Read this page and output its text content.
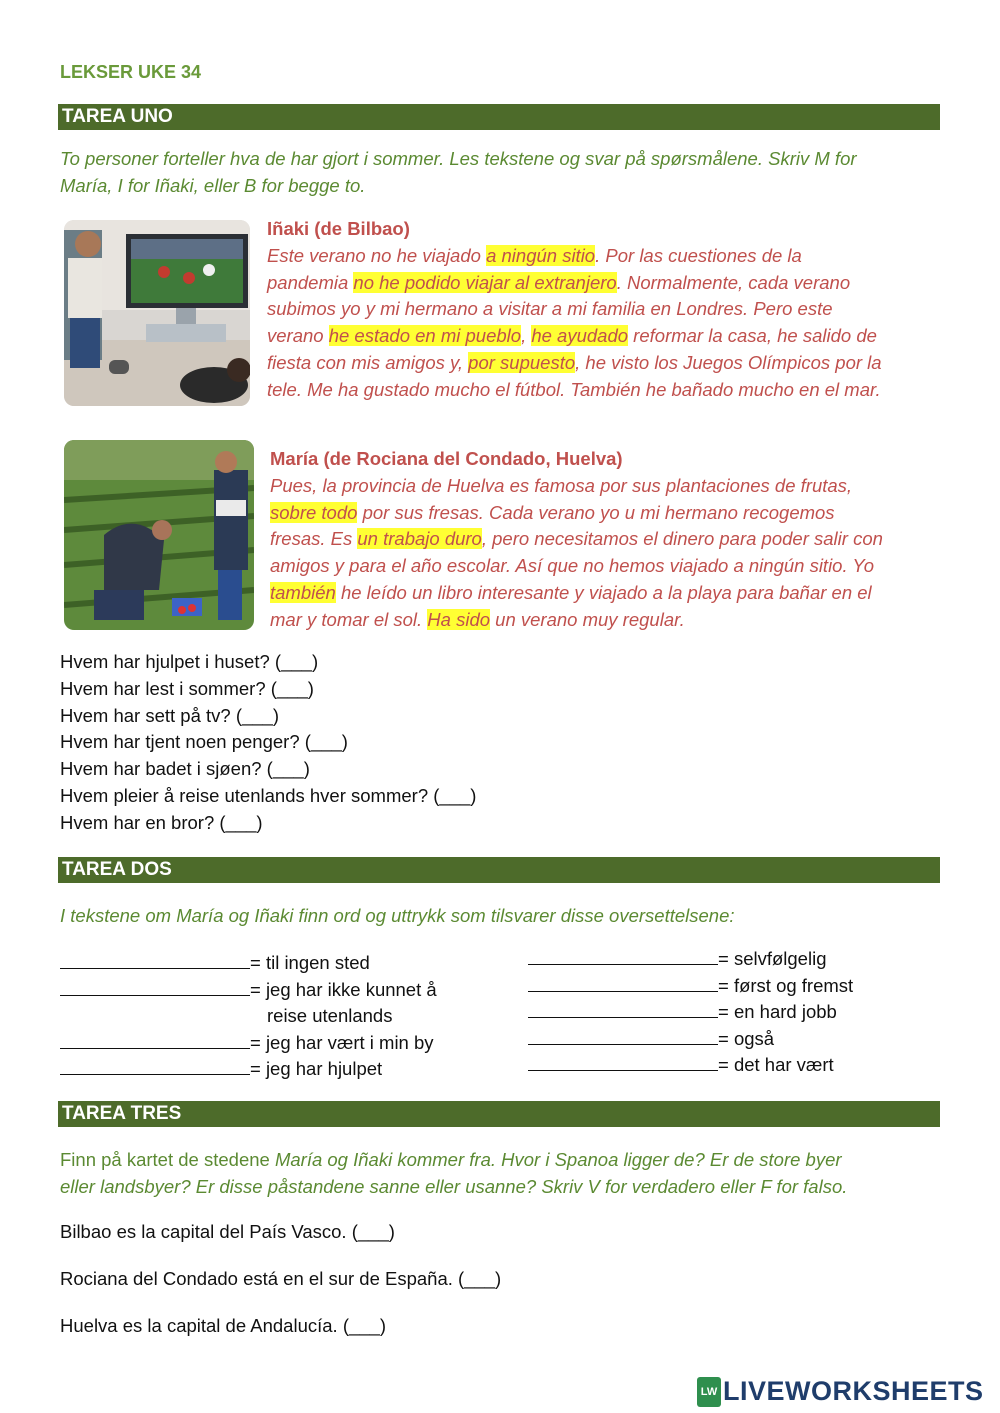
LEKSER UKE 34
TAREA UNO
To personer forteller hva de har gjort i sommer. Les tekstene og svar på spørsmålene. Skriv M for
María, I for Iñaki, eller B for begge to.
Iñaki (de Bilbao)
Este verano no he viajado a ningún sitio. Por las cuestiones de la
pandemia no he podido viajar al extranjero. Normalmente, cada verano
subimos yo y mi hermano a visitar a mi familia en Londres. Pero este
verano he estado en mi pueblo, he ayudado reformar la casa, he salido de
fiesta con mis amigos y, por supuesto, he visto los Juegos Olímpicos por la
tele. Me ha gustado mucho el fútbol. También he bañado mucho en el mar.
María (de Rociana del Condado, Huelva)
Pues, la provincia de Huelva es famosa por sus plantaciones de frutas,
sobre todo por sus fresas. Cada verano yo u mi hermano recogemos
fresas. Es un trabajo duro, pero necesitamos el dinero para poder salir con
amigos y para el año escolar. Así que no hemos viajado a ningún sitio. Yo
también he leído un libro interesante y viajado a la playa para bañar en el
mar y tomar el sol. Ha sido un verano muy regular.
Hvem har hjulpet i huset? (___)
Hvem har lest i sommer? (___)
Hvem har sett på tv? (___)
Hvem har tjent noen penger? (___)
Hvem har badet i sjøen? (___)
Hvem pleier å reise utenlands hver sommer? (___)
Hvem har en bror? (___)
TAREA DOS
I tekstene om María og Iñaki finn ord og uttrykk som tilsvarer disse oversettelsene:
= til ingen sted
= jeg har ikke kunnet å
reise utenlands
= jeg har vært i min by
= jeg har hjulpet
= selvfølgelig
= først og fremst
= en hard jobb
= også
= det har vært
TAREA TRES
Finn på kartet de stedene María og Iñaki kommer fra. Hvor i Spanoa ligger de? Er de store byer
eller landsbyer? Er disse påstandene sanne eller usanne? Skriv V for verdadero eller F for falso.
Bilbao es la capital del País Vasco. (___)
Rociana del Condado está en el sur de España. (___)
Huelva es la capital de Andalucía. (___)
LW LIVEWORKSHEETS
